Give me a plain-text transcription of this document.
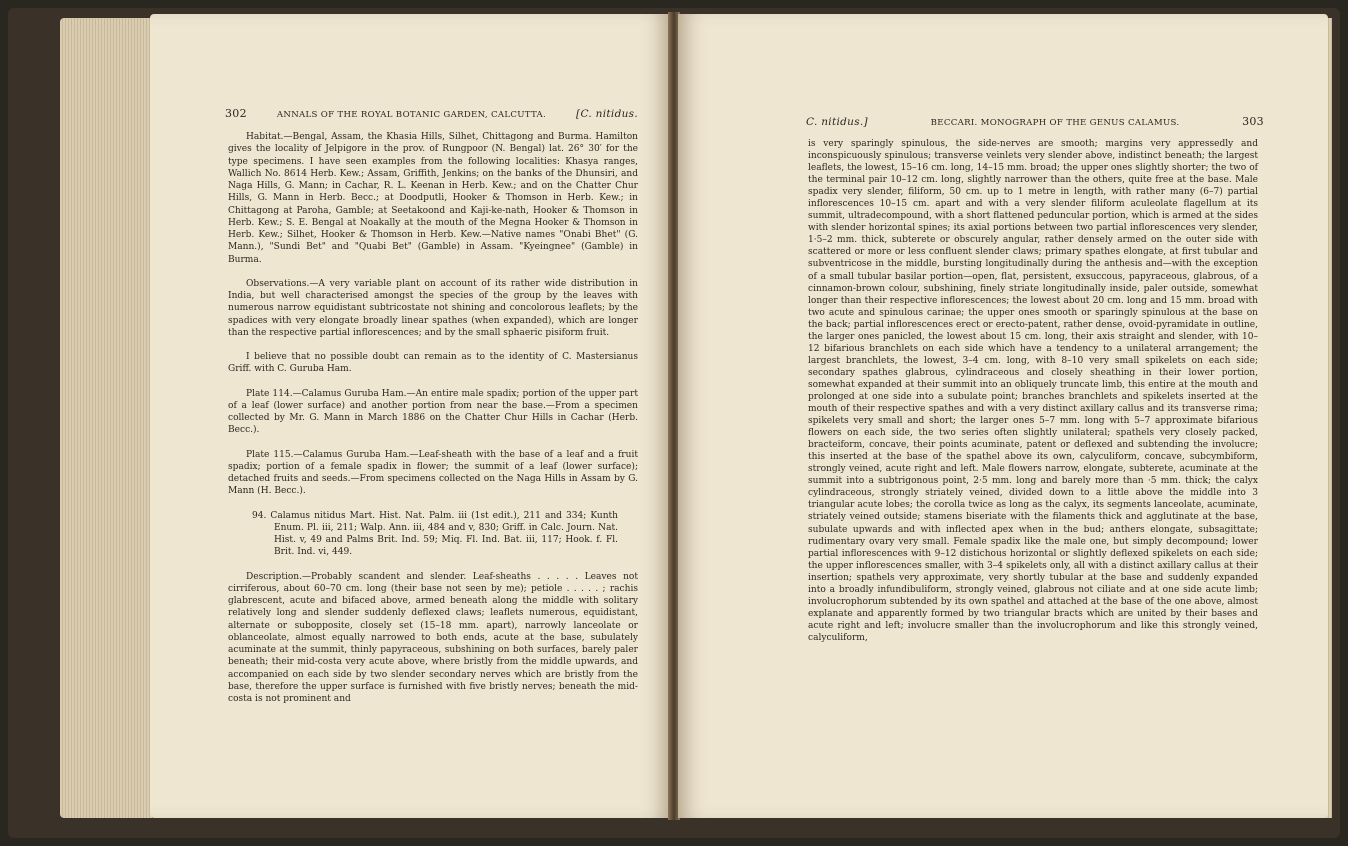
302	ANNALS OF THE ROYAL BOTANIC GARDEN, CALCUTTA.	[C. nitidus.

Habitat.—Bengal, Assam, the Khasia Hills, Silhet, Chittagong and Burma. Hamilton gives the locality of Jelpigore in the prov. of Rungpoor (N. Bengal) lat. 26° 30′ for the type specimens. I have seen examples from the following localities: Khasya ranges, Wallich No. 8614 Herb. Kew.; Assam, Griffith, Jenkins; on the banks of the Dhunsiri, and Naga Hills, G. Mann; in Cachar, R. L. Keenan in Herb. Kew.; and on the Chatter Chur Hills, G. Mann in Herb. Becc.; at Doodputli, Hooker & Thomson in Herb. Kew.; in Chittagong at Paroha, Gamble; at Seetakoond and Kaji-ke-nath, Hooker & Thomson in Herb. Kew.; S. E. Bengal at Noakally at the mouth of the Megna Hooker & Thomson in Herb. Kew.; Silhet, Hooker & Thomson in Herb. Kew.—Native names "Onabi Bhet" (G. Mann.), "Sundi Bet" and "Quabi Bet" (Gamble) in Assam. "Kyeingnee" (Gamble) in Burma.

Observations.—A very variable plant on account of its rather wide distribution in India, but well characterised amongst the species of the group by the leaves with numerous narrow equidistant subtricostate not shining and concolorous leaflets; by the spadices with very elongate broadly linear spathes (when expanded), which are longer than the respective partial inflorescences; and by the small sphaeric pisiform fruit.

I believe that no possible doubt can remain as to the identity of C. Mastersianus Griff. with C. Guruba Ham.

Plate 114.—Calamus Guruba Ham.—An entire male spadix; portion of the upper part of a leaf (lower surface) and another portion from near the base.—From a specimen collected by Mr. G. Mann in March 1886 on the Chatter Chur Hills in Cachar (Herb. Becc.).

Plate 115.—Calamus Guruba Ham.—Leaf-sheath with the base of a leaf and a fruit spadix; portion of a female spadix in flower; the summit of a leaf (lower surface); detached fruits and seeds.—From specimens collected on the Naga Hills in Assam by G. Mann (H. Becc.).

94. Calamus nitidus Mart. Hist. Nat. Palm. iii (1st edit.), 211 and 334; Kunth Enum. Pl. iii, 211; Walp. Ann. iii, 484 and v, 830; Griff. in Calc. Journ. Nat. Hist. v, 49 and Palms Brit. Ind. 59; Miq. Fl. Ind. Bat. iii, 117; Hook. f. Fl. Brit. Ind. vi, 449.

Description.—Probably scandent and slender. Leaf-sheaths . . . . . Leaves not cirriferous, about 60–70 cm. long (their base not seen by me); petiole . . . . . ; rachis glabrescent, acute and bifaced above, armed beneath along the middle with solitary relatively long and slender suddenly deflexed claws; leaflets numerous, equidistant, alternate or subopposite, closely set (15–18 mm. apart), narrowly lanceolate or oblanceolate, almost equally narrowed to both ends, acute at the base, subulately acuminate at the summit, thinly papyraceous, subshining on both surfaces, barely paler beneath; their mid-costa very acute above, where bristly from the middle upwards, and accompanied on each side by two slender secondary nerves which are bristly from the base, therefore the upper surface is furnished with five bristly nerves; beneath the mid-costa is not prominent and

C. nitidus.]	BECCARI. MONOGRAPH OF THE GENUS CALAMUS.	303

is very sparingly spinulous, the side-nerves are smooth; margins very appressedly and inconspicuously spinulous; transverse veinlets very slender above, indistinct beneath; the largest leaflets, the lowest, 15–16 cm. long, 14–15 mm. broad; the upper ones slightly shorter; the two of the terminal pair 10–12 cm. long, slightly narrower than the others, quite free at the base. Male spadix very slender, filiform, 50 cm. up to 1 metre in length, with rather many (6–7) partial inflorescences 10–15 cm. apart and with a very slender filiform aculeolate flagellum at its summit, ultradecompound, with a short flattened peduncular portion, which is armed at the sides with slender horizontal spines; its axial portions between two partial inflorescences very slender, 1·5–2 mm. thick, subterete or obscurely angular, rather densely armed on the outer side with scattered or more or less confluent slender claws; primary spathes elongate, at first tubular and subventricose in the middle, bursting longitudinally during the anthesis and—with the exception of a small tubular basilar portion—open, flat, persistent, exsuccous, papyraceous, glabrous, of a cinnamon-brown colour, subshining, finely striate longitudinally inside, paler outside, somewhat longer than their respective inflorescences; the lowest about 20 cm. long and 15 mm. broad with two acute and spinulous carinae; the upper ones smooth or sparingly spinulous at the base on the back; partial inflorescences erect or erecto-patent, rather dense, ovoid-pyramidate in outline, the larger ones panicled, the lowest about 15 cm. long, their axis straight and slender, with 10–12 bifarious branchlets on each side which have a tendency to a unilateral arrangement; the largest branchlets, the lowest, 3–4 cm. long, with 8–10 very small spikelets on each side; secondary spathes glabrous, cylindraceous and closely sheathing in their lower portion, somewhat expanded at their summit into an obliquely truncate limb, this entire at the mouth and prolonged at one side into a subulate point; branches branchlets and spikelets inserted at the mouth of their respective spathes and with a very distinct axillary callus and its transverse rima; spikelets very small and short; the larger ones 5–7 mm. long with 5–7 approximate bifarious flowers on each side, the two series often slightly unilateral; spathels very closely packed, bracteiform, concave, their points acuminate, patent or deflexed and subtending the involucre; this inserted at the base of the spathel above its own, calyculiform, concave, subcymbiform, strongly veined, acute right and left. Male flowers narrow, elongate, subterete, acuminate at the summit into a subtrigonous point, 2·5 mm. long and barely more than ·5 mm. thick; the calyx cylindraceous, strongly striately veined, divided down to a little above the middle into 3 triangular acute lobes; the corolla twice as long as the calyx, its segments lanceolate, acuminate, striately veined outside; stamens biseriate with the filaments thick and agglutinate at the base, subulate upwards and with inflected apex when in the bud; anthers elongate, subsagittate; rudimentary ovary very small. Female spadix like the male one, but simply decompound; lower partial inflorescences with 9–12 distichous horizontal or slightly deflexed spikelets on each side; the upper inflorescences smaller, with 3–4 spikelets only, all with a distinct axillary callus at their insertion; spathels very approximate, very shortly tubular at the base and suddenly expanded into a broadly infundibuliform, strongly veined, glabrous not ciliate and at one side acute limb; involucrophorum subtended by its own spathel and attached at the base of the one above, almost explanate and apparently formed by two triangular bracts which are united by their bases and acute right and left; involucre smaller than the involucrophorum and like this strongly veined, calyculiform,
